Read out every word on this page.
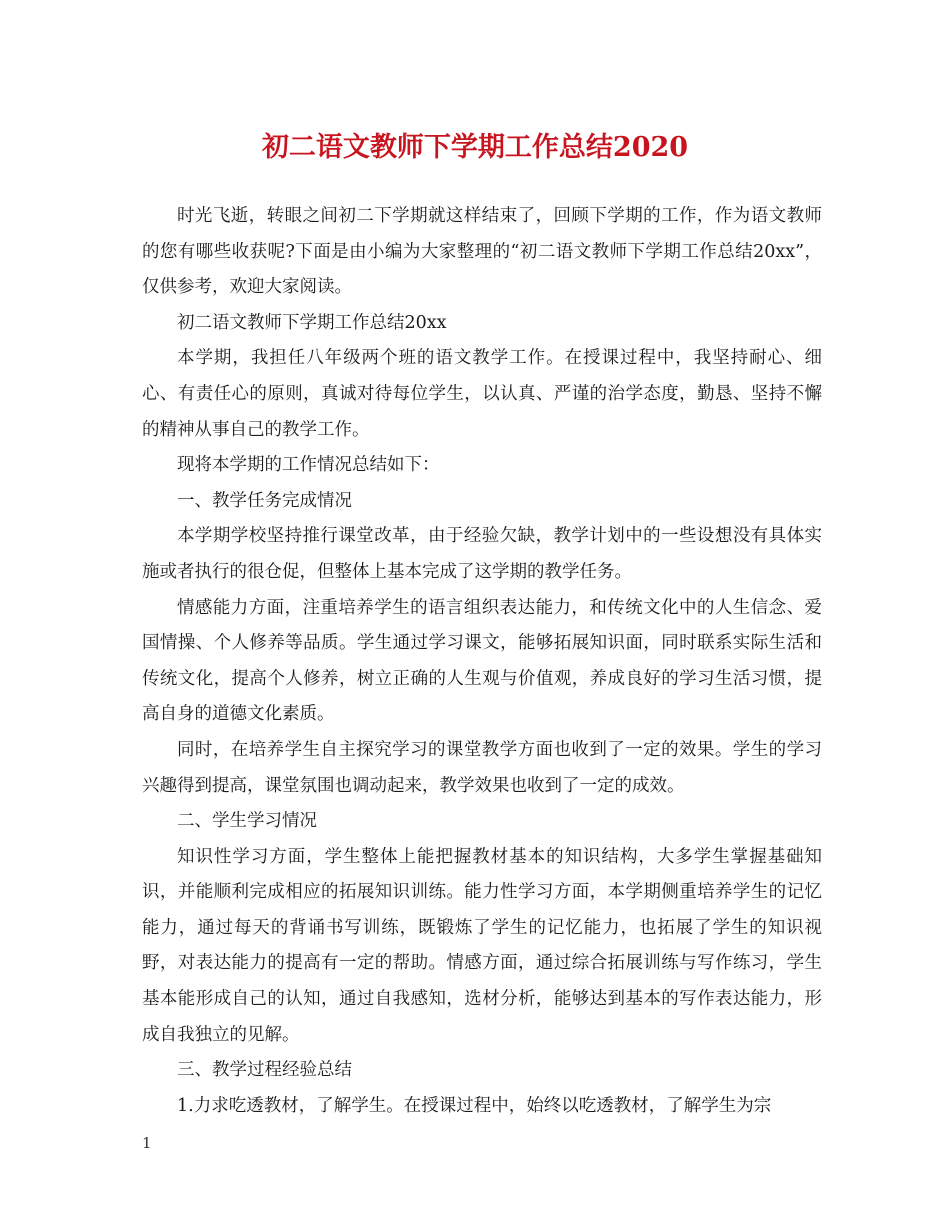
初二语文教师下学期工作总结2020

时光飞逝，转眼之间初二下学期就这样结束了，回顾下学期的工作，作为语文教师的您有哪些收获呢?下面是由小编为大家整理的“初二语文教师下学期工作总结20xx”，仅供参考，欢迎大家阅读。

初二语文教师下学期工作总结20xx

本学期，我担任八年级两个班的语文教学工作。在授课过程中，我坚持耐心、细心、有责任心的原则，真诚对待每位学生，以认真、严谨的治学态度，勤恳、坚持不懈的精神从事自己的教学工作。

现将本学期的工作情况总结如下：

一、教学任务完成情况

本学期学校坚持推行课堂改革，由于经验欠缺，教学计划中的一些设想没有具体实施或者执行的很仓促，但整体上基本完成了这学期的教学任务。

情感能力方面，注重培养学生的语言组织表达能力，和传统文化中的人生信念、爱国情操、个人修养等品质。学生通过学习课文，能够拓展知识面，同时联系实际生活和传统文化，提高个人修养，树立正确的人生观与价值观，养成良好的学习生活习惯，提高自身的道德文化素质。

同时，在培养学生自主探究学习的课堂教学方面也收到了一定的效果。学生的学习兴趣得到提高，课堂氛围也调动起来，教学效果也收到了一定的成效。

二、学生学习情况

知识性学习方面，学生整体上能把握教材基本的知识结构，大多学生掌握基础知识，并能顺利完成相应的拓展知识训练。能力性学习方面，本学期侧重培养学生的记忆能力，通过每天的背诵书写训练，既锻炼了学生的记忆能力，也拓展了学生的知识视野，对表达能力的提高有一定的帮助。情感方面，通过综合拓展训练与写作练习，学生基本能形成自己的认知，通过自我感知，选材分析，能够达到基本的写作表达能力，形成自我独立的见解。

三、教学过程经验总结

1.力求吃透教材，了解学生。在授课过程中，始终以吃透教材，了解学生为宗

1
